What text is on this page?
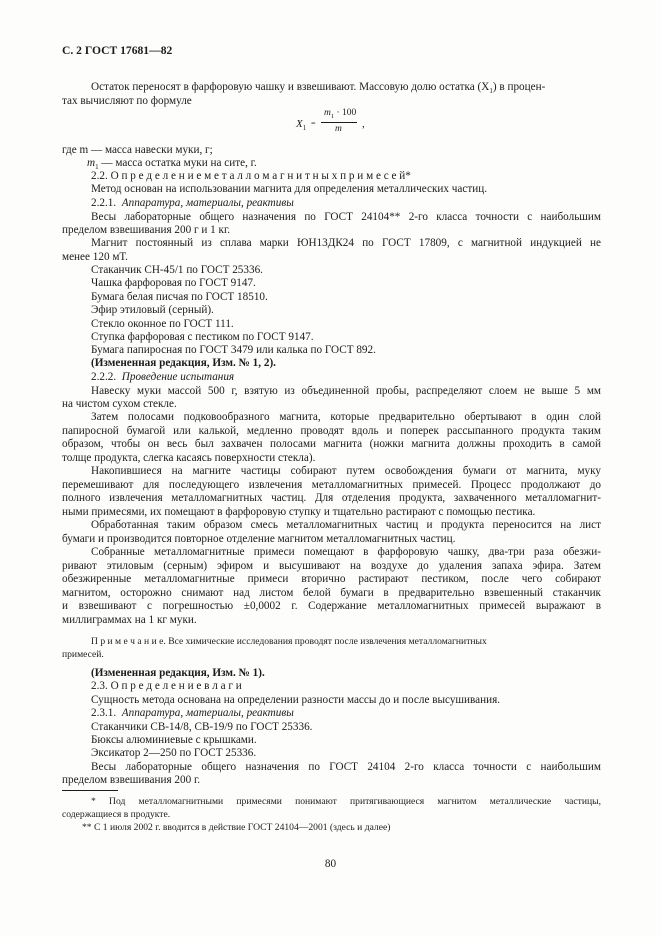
С. 2 ГОСТ 17681—82
Остаток переносят в фарфоровую чашку и взвешивают. Массовую долю остатка $(X_1)$ в процен-
тах вычисляют по формуле
$X_1$
=
$m_1 \cdot 100$
m ,
где m — масса навески муки, г;
$m_1$ — масса остатка муки на сите, г.
2.2. О п р е д е л е н и е м е т а л л о м а г н и т н ы х п р и м е с е й*
Метод основан на использовании магнита для определения металлических частиц.
2.2.1. Аппаратура, материалы, реактивы
Весы лабораторные общего назначения по ГОСТ 24104** 2-го класса точности с наибольшим
пределом взвешивания 200 г и 1 кг.
Магнит постоянный из сплава марки ЮН13ДК24 по ГОСТ 17809, с магнитной индукцией не
менее 120 мТ.
Стаканчик СН-45/1 по ГОСТ 25336.
Чашка фарфоровая по ГОСТ 9147.
Бумага белая писчая по ГОСТ 18510.
Эфир этиловый (серный).
Стекло оконное по ГОСТ 111.
Ступка фарфоровая с пестиком по ГОСТ 9147.
Бумага папиросная по ГОСТ 3479 или калька по ГОСТ 892.
(Измененная редакция, Изм. № 1, 2).
2.2.2. Проведение испытания
Навеску муки массой 500 г, взятую из объединенной пробы, распределяют слоем не выше 5 мм
на чистом сухом стекле.
Затем полосами подковообразного магнита, которые предварительно обертывают в один слой
папиросной бумагой или калькой, медленно проводят вдоль и поперек рассыпанного продукта таким
образом, чтобы он весь был захвачен полосами магнита (ножки магнита должны проходить в самой
толще продукта, слегка касаясь поверхности стекла).
Накопившиеся на магните частицы собирают путем освобождения бумаги от магнита, муку
перемешивают для последующего извлечения металломагнитных примесей. Процесс продолжают до
полного извлечения металломагнитных частиц. Для отделения продукта, захваченного металломагнит-
ными примесями, их помещают в фарфоровую ступку и тщательно растирают с помощью пестика.
Обработанная таким образом смесь металломагнитных частиц и продукта переносится на лист
бумаги и производится повторное отделение магнитом металломагнитных частиц.
Собранные металломагнитные примеси помещают в фарфоровую чашку, два-три раза обезжи-
ривают этиловым (серным) эфиром и высушивают на воздухе до удаления запаха эфира. Затем
обезжиренные металломагнитные примеси вторично растирают пестиком, после чего собирают
магнитом, осторожно снимают над листом белой бумаги в предварительно взвешенный стаканчик
и взвешивают с погрешностью ±0,0002 г. Содержание металломагнитных примесей выражают в
миллиграммах на 1 кг муки.
П р и м е ч а н и е. Все химические исследования проводят после извлечения металломагнитных
примесей.
(Измененная редакция, Изм. № 1).
2.3. О п р е д е л е н и е в л а г и
Сущность метода основана на определении разности массы до и после высушивания.
2.3.1. Аппаратура, материалы, реактивы
Стаканчики СВ-14/8, СВ-19/9 по ГОСТ 25336.
Бюксы алюминиевые с крышками.
Эксикатор 2—250 по ГОСТ 25336.
Весы лабораторные общего назначения по ГОСТ 24104 2-го класса точности с наибольшим
пределом взвешивания 200 г.
* Под металломагнитными примесями понимают притягивающиеся магнитом металлические частицы,
содержащиеся в продукте.
** С 1 июля 2002 г. вводится в действие ГОСТ 24104—2001 (здесь и далее)
80
